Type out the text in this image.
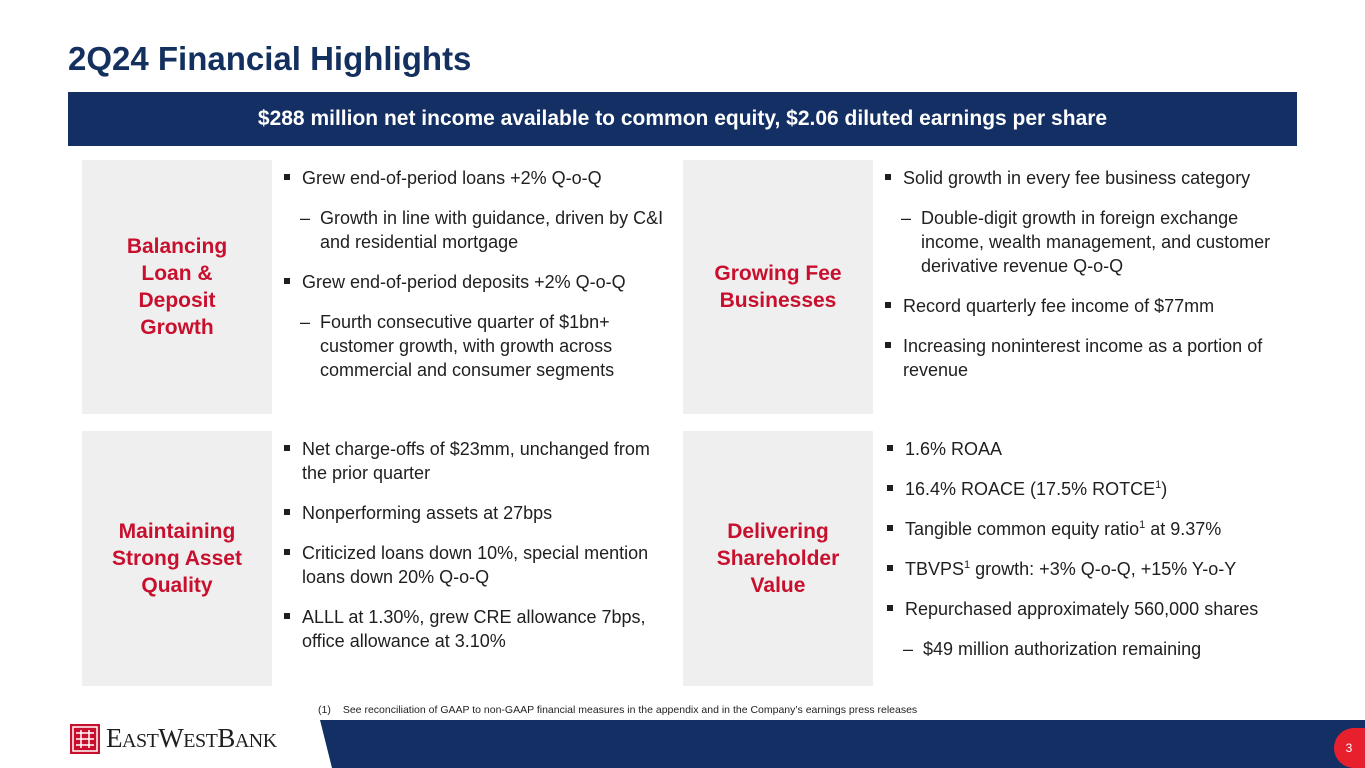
2Q24 Financial Highlights
$288 million net income available to common equity, $2.06 diluted earnings per share
Balancing
Loan &
Deposit
Growth
Grew end-of-period loans +2% Q-o-Q
– Growth in line with guidance, driven by C&I and residential mortgage
Grew end-of-period deposits +2% Q-o-Q
– Fourth consecutive quarter of $1bn+ customer growth, with growth across commercial and consumer segments
Growing Fee
Businesses
Solid growth in every fee business category
– Double-digit growth in foreign exchange income, wealth management, and customer derivative revenue Q-o-Q
Record quarterly fee income of $77mm
Increasing noninterest income as a portion of revenue
Maintaining
Strong Asset
Quality
Net charge-offs of $23mm, unchanged from the prior quarter
Nonperforming assets at 27bps
Criticized loans down 10%, special mention loans down 20% Q-o-Q
ALLL at 1.30%, grew CRE allowance 7bps, office allowance at 3.10%
Delivering
Shareholder
Value
1.6% ROAA
16.4% ROACE (17.5% ROTCE$^1$)
Tangible common equity ratio$^1$ at 9.37%
TBVPS$^1$ growth: +3% Q-o-Q, +15% Y-o-Y
Repurchased approximately 560,000 shares
– $49 million authorization remaining
(1) See reconciliation of GAAP to non-GAAP financial measures in the appendix and in the Company’s earnings press releases
3
EASTWESTBANK
